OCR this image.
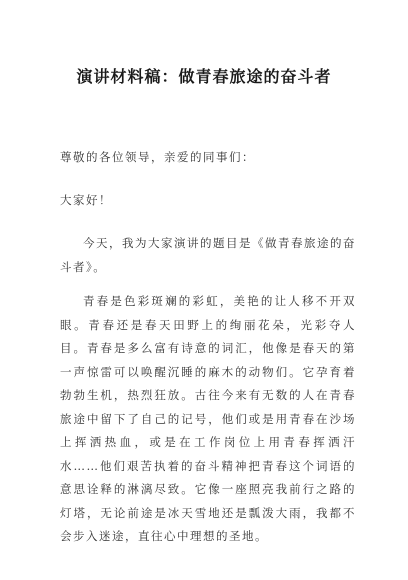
演讲材料稿：做青春旅途的奋斗者
尊敬的各位领导，亲爱的同事们：
大家好！
今天，我为大家演讲的题目是《做青春旅途的奋斗者》。
青春是色彩斑斓的彩虹，美艳的让人移不开双眼。青春还是春天田野上的绚丽花朵，光彩夺人目。青春是多么富有诗意的词汇，他像是春天的第一声惊雷可以唤醒沉睡的麻木的动物们。它孕育着勃勃生机，热烈狂放。古往今来有无数的人在青春旅途中留下了自己的记号，他们或是用青春在沙场上挥洒热血，或是在工作岗位上用青春挥洒汗水……他们艰苦执着的奋斗精神把青春这个词语的意思诠释的淋漓尽致。它像一座照亮我前行之路的灯塔，无论前途是冰天雪地还是瓢泼大雨，我都不会步入迷途，直往心中理想的圣地。
